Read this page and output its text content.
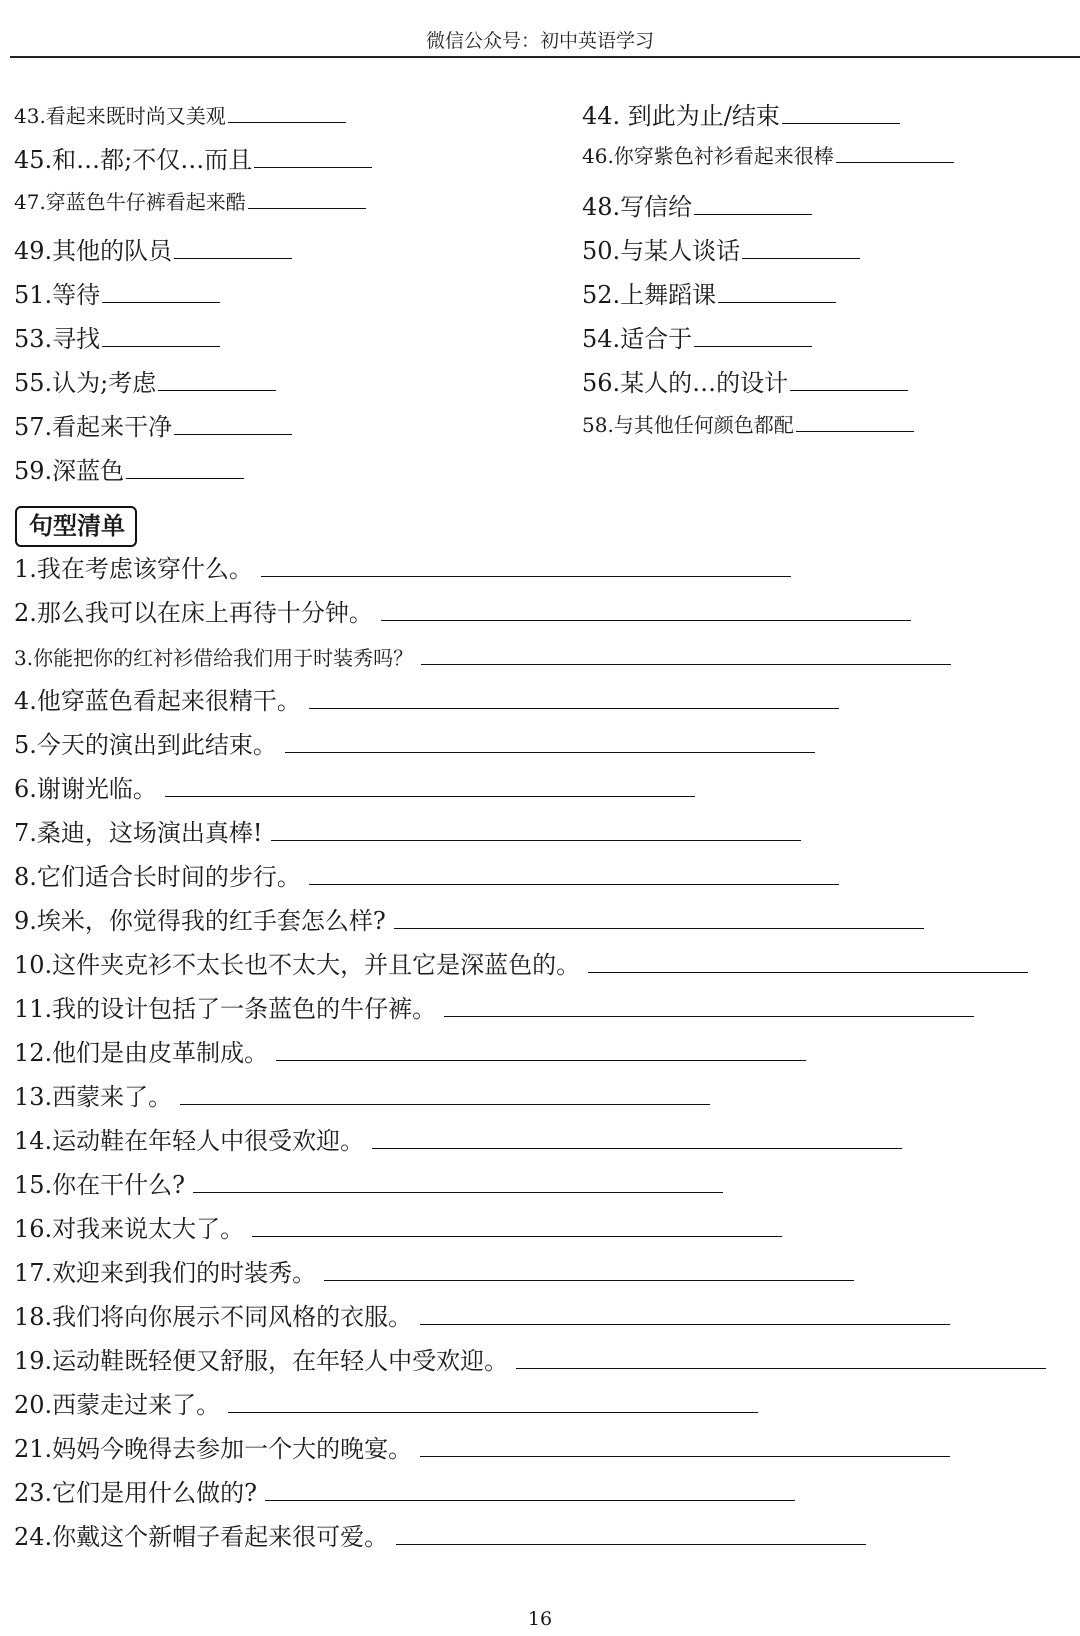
微信公众号：初中英语学习
43.看起来既时尚又美观	44. 到此为止/结束
45.和…都;不仅…而且	46.你穿紫色衬衫看起来很棒
47.穿蓝色牛仔裤看起来酷	48.写信给
49.其他的队员	50.与某人谈话
51.等待	52.上舞蹈课
53.寻找	54.适合于
55.认为;考虑	56.某人的…的设计
57.看起来干净	58.与其他任何颜色都配
59.深蓝色
句型清单
1.我在考虑该穿什么。
2.那么我可以在床上再待十分钟。
3.你能把你的红衬衫借给我们用于时装秀吗？
4.他穿蓝色看起来很精干。
5.今天的演出到此结束。
6.谢谢光临。
7.桑迪，这场演出真棒!
8.它们适合长时间的步行。
9.埃米，你觉得我的红手套怎么样?
10.这件夹克衫不太长也不太大，并且它是深蓝色的。
11.我的设计包括了一条蓝色的牛仔裤。
12.他们是由皮革制成。
13.西蒙来了。
14.运动鞋在年轻人中很受欢迎。
15.你在干什么?
16.对我来说太大了。
17.欢迎来到我们的时装秀。
18.我们将向你展示不同风格的衣服。
19.运动鞋既轻便又舒服，在年轻人中受欢迎。
20.西蒙走过来了。
21.妈妈今晚得去参加一个大的晚宴。
23.它们是用什么做的?
24.你戴这个新帽子看起来很可爱。
16
